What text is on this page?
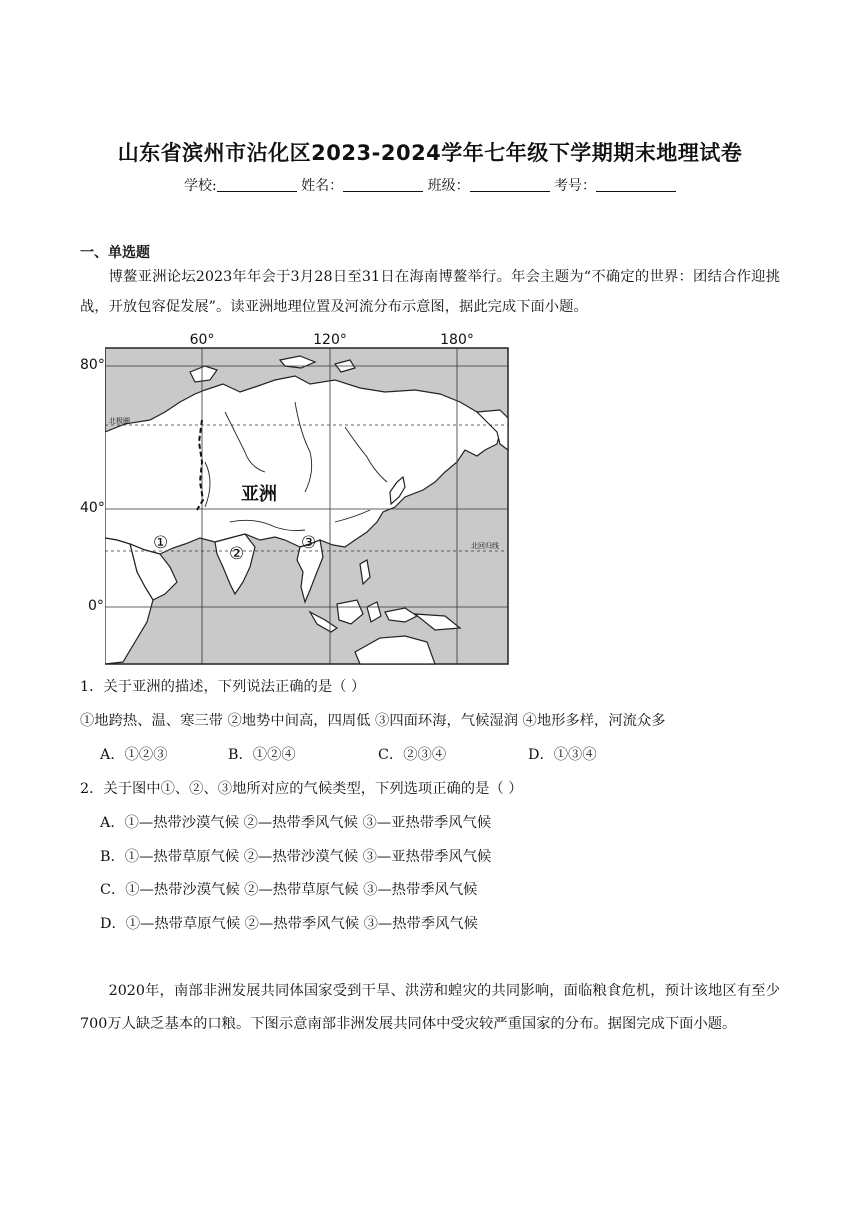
山东省滨州市沾化区2023-2024学年七年级下学期期末地理试卷
学校:	姓名：	班级：	考号：
一、单选题
博鳌亚洲论坛2023年年会于3月28日至31日在海南博鳌举行。年会主题为“不确定的世界：团结合作迎挑战，开放包容促发展”。读亚洲地理位置及河流分布示意图，据此完成下面小题。
60°	120°	180°
北极圈
北回归线
亚洲
①
②
③
80°
40°
0°
1．关于亚洲的描述，下列说法正确的是（ ）
①地跨热、温、寒三带 ②地势中间高，四周低 ③四面环海，气候湿润 ④地形多样，河流众多
A．①②③	B．①②④	C．②③④	D．①③④
2．关于图中①、②、③地所对应的气候类型，下列选项正确的是（ ）
A．①—热带沙漠气候 ②—热带季风气候 ③—亚热带季风气候
B．①—热带草原气候 ②—热带沙漠气候 ③—亚热带季风气候
C．①—热带沙漠气候 ②—热带草原气候 ③—热带季风气候
D．①—热带草原气候 ②—热带季风气候 ③—热带季风气候
2020年，南部非洲发展共同体国家受到干旱、洪涝和蝗灾的共同影响，面临粮食危机，预计该地区有至少700万人缺乏基本的口粮。下图示意南部非洲发展共同体中受灾较严重国家的分布。据图完成下面小题。
